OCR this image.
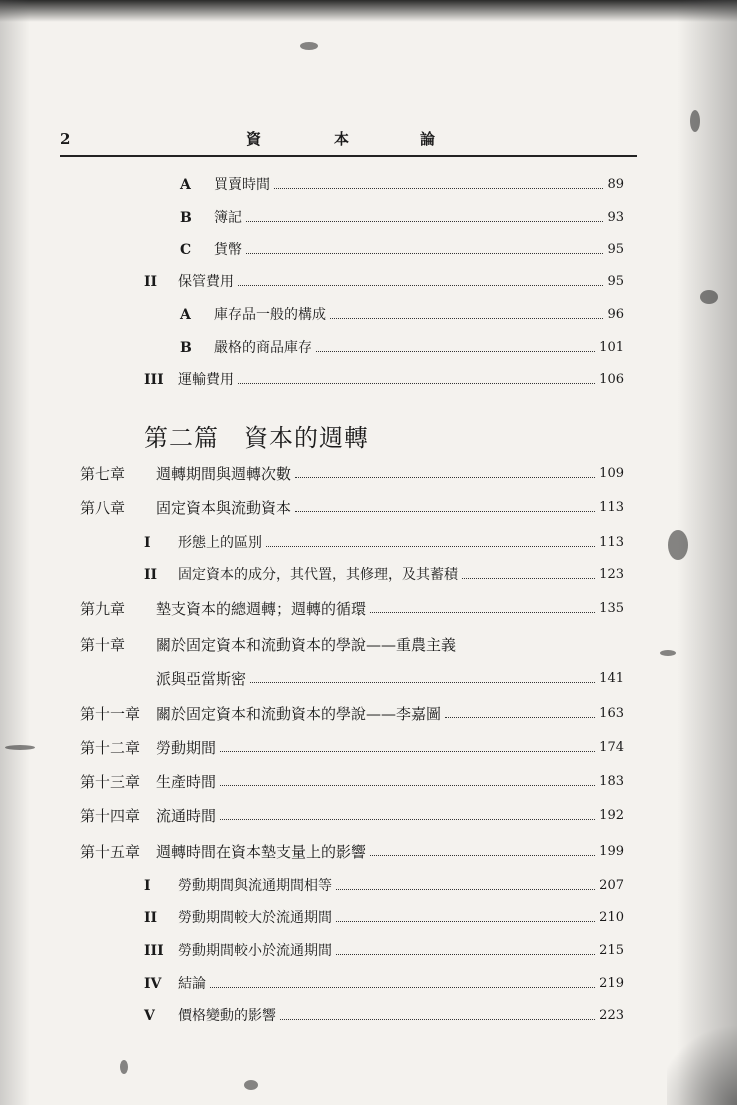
2	資	本	論
A 買賣時間	89
B 簿記	93
C 貨幣	95
II 保管費用	95
A 庫存品一般的構成	96
B 嚴格的商品庫存	101
III 運輸費用	106
第二篇　資本的週轉
第七章 週轉期間與週轉次數	109
第八章 固定資本與流動資本	113
I 形態上的區別	113
II 固定資本的成分，其代置，其修理，及其蓄積	123
第九章 墊支資本的總週轉；週轉的循環	135
第十章 關於固定資本和流動資本的學說——重農主義
派與亞當斯密	141
第十一章 關於固定資本和流動資本的學說——李嘉圖	163
第十二章 勞動期間	174
第十三章 生產時間	183
第十四章 流通時間	192
第十五章 週轉時間在資本墊支量上的影響	199
I 勞動期間與流通期間相等	207
II 勞動期間較大於流通期間	210
III 勞動期間較小於流通期間	215
IV 結論	219
V 價格變動的影響	223
